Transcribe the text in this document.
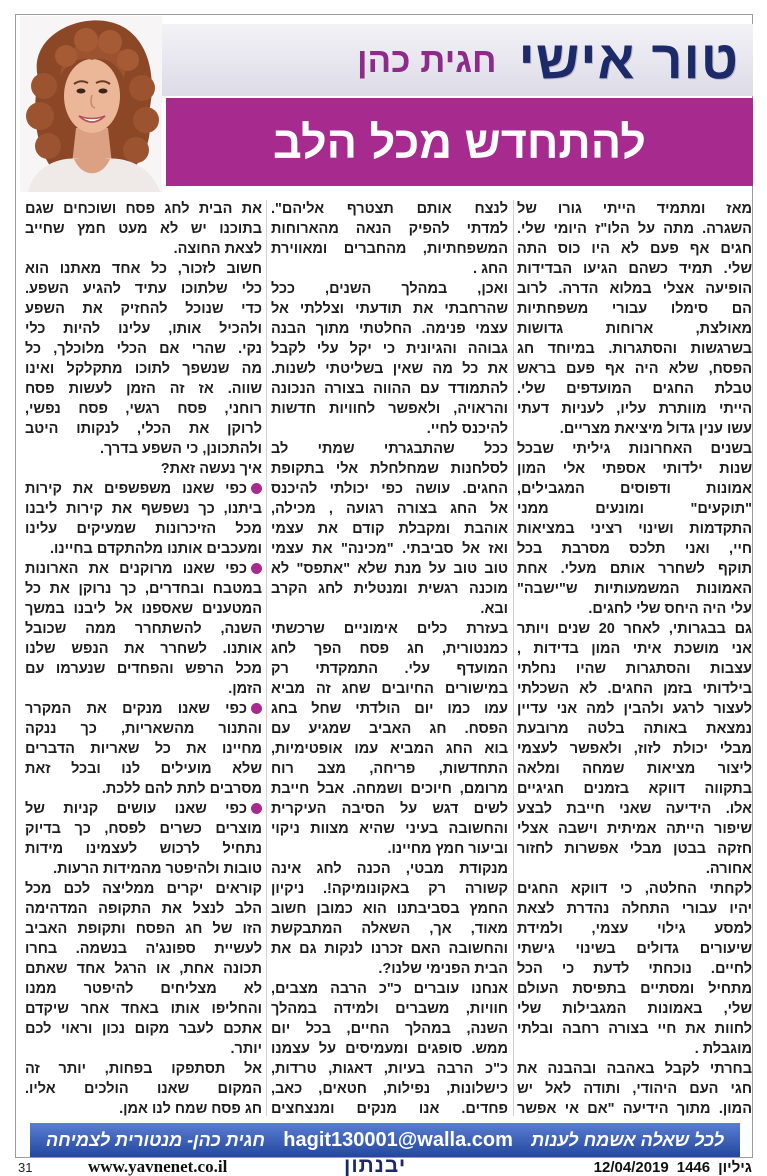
טור אישי
חגית כהן
להתחדש מכל הלב
מאז ומתמיד הייתי גורו של
השגרה. מתה על הלו"ז היומי שלי.
חגים אף פעם לא היו כוס התה
שלי. תמיד כשהם הגיעו הבדידות
הופיעה אצלי במלוא הדרה. לרוב
הם סימלו עבורי משפחתיות
מאולצת, ארוחות גדושות
בשרגשות והסתגרות. במיוחד חג
הפסח, שלא היה אף פעם בראש
טבלת החגים המועדפים שלי.
הייתי מוותרת עליו, לעניות דעתי
עשו ענין גדול מיציאת מצריים.
בשנים האחרונות גיליתי שבכל
שנות ילדותי אספתי אלי המון
אמונות ודפוסים המגבילים,
"תוקעים" ומונעים ממני
התקדמות ושינוי רציני במציאות
חיי, ואני תלכס מסרבת בכל
תוקף לשחרר אותם מעלי. אחת
האמונות המשמעותיות ש"ישבה"
עלי היה היחס שלי לחגים.
גם בבגרותי, לאחר 20 שנים ויותר
אני מושכת איתי המון בדידות ,
עצבות והסתגרות שהיו נחלתי
בילדותי בזמן החגים. לא השכלתי
לעצור לרגע ולהבין למה אני עדיין
נמצאת באותה בלטה מרובעת
מבלי יכולת לזוז, ולאפשר לעצמי
ליצור מציאות שמחה ומלאה
בתקווה דווקא בזמנים חגיגיים
אלו. הידיעה שאני חייבת לבצע
שיפור הייתה אמיתית וישבה אצלי
חזקה בבטן מבלי אפשרות לחזור
אחורה.
לקחתי החלטה, כי דווקא החגים
יהיו עבורי התחלה נהדרת לצאת
למסע גילוי עצמי, ולמידת
שיעורים גדולים בשינוי גישתי
לחיים. נוכחתי לדעת כי הכל
מתחיל ומסתיים בתפיסת העולם
שלי, באמונות המגבילות שלי
לחוות את חיי בצורה רחבה ובלתי
מוגבלת .
בחרתי לקבל באהבה ובהבנה את
חגי העם היהודי, ותודה לאל יש
המון. מתוך הידיעה "אם אי אפשר
לנצח אותם תצטרף אליהם".
למדתי להפיק הנאה מהארוחות
המשפחתיות, מהחברים ומאווירת
החג .
ואכן, במהלך השנים, ככל
שהרחבתי את תודעתי וצללתי אל
עצמי פנימה. החלטתי מתוך הבנה
גבוהה והגיונית כי יקל עלי לקבל
את כל מה שאין בשליטתי לשנות.
להתמודד עם ההווה בצורה הנכונה
והראויה, ולאפשר לחוויות חדשות
להיכנס לחיי.
ככל שהתבגרתי שמתי לב
לסלחנות שמחלחלת אלי בתקופת
החגים. עושה כפי יכולתי להיכנס
אל החג בצורה רגועה , מכילה,
אוהבת ומקבלת קודם את עצמי
ואז אל סביבתי. "מכינה" את עצמי
טוב טוב על מנת שלא "אתפס" לא
מוכנה רגשית ומנטלית לחג הקרב
ובא.
בעזרת כלים אימוניים שרכשתי
כמנטורית, חג פסח הפך לחג
המועדף עלי. התמקדתי רק
במישורים החיובים שחג זה מביא
עמו כמו יום הולדתי שחל בחג
הפסח. חג האביב שמגיע עם
בוא החג המביא עמו אופטימיות,
התחדשות, פריחה, מצב רוח
מרומם, חיוכים ושמחה. אבל חייבת
לשים דגש על הסיבה העיקרית
והחשובה בעיני שהיא מצוות ניקוי
וביעור חמץ מחיינו.
מנקודת מבטי, הכנה לחג אינה
קשורה רק באקונומיקה!. ניקיון
החמץ בסביבתנו הוא כמובן חשוב
מאוד, אך, השאלה המתבקשת
והחשובה האם זכרנו לנקות גם את
הבית הפנימי שלנו?.
אנחנו עוברים כ"כ הרבה מצבים,
חוויות, משברים ולמידה במהלך
השנה, במהלך החיים, בכל יום
ממש. סופגים ומעמיסים על עצמנו
כ"כ הרבה בעיות, דאגות, טרדות,
כישלונות, נפילות, חטאים, כאב,
פחדים. אנו מנקים ומנצחצים
את הבית לחג פסח ושוכחים שגם
בתוכנו יש לא מעט חמץ שחייב
לצאת החוצה.
חשוב לזכור, כל אחד מאתנו הוא
כלי שלתוכו עתיד להגיע השפע.
כדי שנוכל להחזיק את השפע
ולהכיל אותו, עלינו להיות כלי
נקי. שהרי אם הכלי מלוכלך, כל
מה שנשפך לתוכו מתקלקל ואינו
שווה. אז זה הזמן לעשות פסח
רוחני, פסח רגשי, פסח נפשי,
לרוקן את הכלי, לנקותו היטב
ולהתכונן, כי השפע בדרך.
איך נעשה זאת?
כפי שאנו משפשפים את קירות
ביתנו, כך נשפשף את קירות ליבנו
מכל הזיכרונות שמעיקים עלינו
ומעכבים אותנו מלהתקדם בחיינו.
כפי שאנו מרוקנים את הארונות
במטבח ובחדרים, כך נרוקן את כל
המטענים שאספנו אל ליבנו במשך
השנה, להשתחרר ממה שכובל
אותנו. לשחרר את הנפש שלנו
מכל הרפש והפחדים שנערמו עם
הזמן.
כפי שאנו מנקים את המקרר
והתנור מהשאריות, כך ננקה
מחיינו את כל שאריות הדברים
שלא מועילים לנו ובכל זאת
מסרבים לתת להם ללכת.
כפי שאנו עושים קניות של
מוצרים כשרים לפסח, כך בדיוק
נתחיל לרכוש לעצמינו מידות
טובות ולהיפטר מהמידות הרעות.
קוראים יקרים ממליצה לכם מכל
הלב לנצל את התקופה המדהימה
הזו של חג הפסח ותקופת האביב
לעשיית ספונג'ה בנשמה. בחרו
תכונה אחת, או הרגל אחד שאתם
לא מצליחים להיפטר ממנו
והחליפו אותו באחד אחר שיקדם
אתכם לעבר מקום נכון וראוי לכם
יותר.
אל תסתפקו בפחות, יותר זה
המקום שאנו הולכים אליו.
חג פסח שמח לנו אמן.
לכל שאלה אשמח לענות
hagit130001@walla.com
חגית כהן- מנטורית לצמיחה
31	www.yavnenet.co.il	יבנתון	12/04/2019 1446 גיליון
